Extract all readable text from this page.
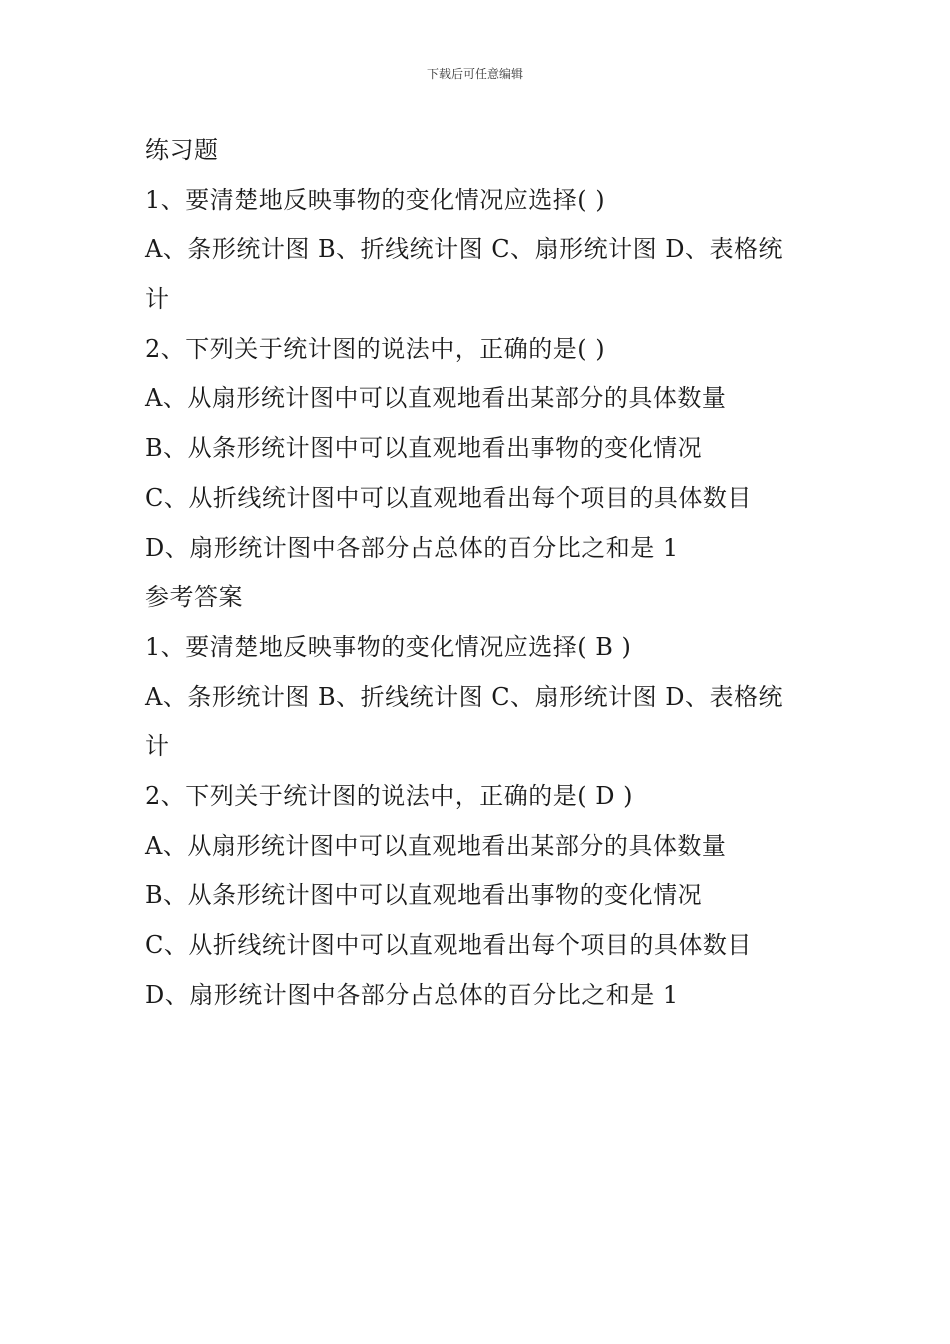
下载后可任意编辑
练习题
1、要清楚地反映事物的变化情况应选择( )
A、条形统计图 B、折线统计图 C、扇形统计图 D、表格统
计
2、下列关于统计图的说法中，正确的是( )
A、从扇形统计图中可以直观地看出某部分的具体数量
B、从条形统计图中可以直观地看出事物的变化情况
C、从折线统计图中可以直观地看出每个项目的具体数目
D、扇形统计图中各部分占总体的百分比之和是 1
参考答案
1、要清楚地反映事物的变化情况应选择( B )
A、条形统计图 B、折线统计图 C、扇形统计图 D、表格统
计
2、下列关于统计图的说法中，正确的是( D )
A、从扇形统计图中可以直观地看出某部分的具体数量
B、从条形统计图中可以直观地看出事物的变化情况
C、从折线统计图中可以直观地看出每个项目的具体数目
D、扇形统计图中各部分占总体的百分比之和是 1
